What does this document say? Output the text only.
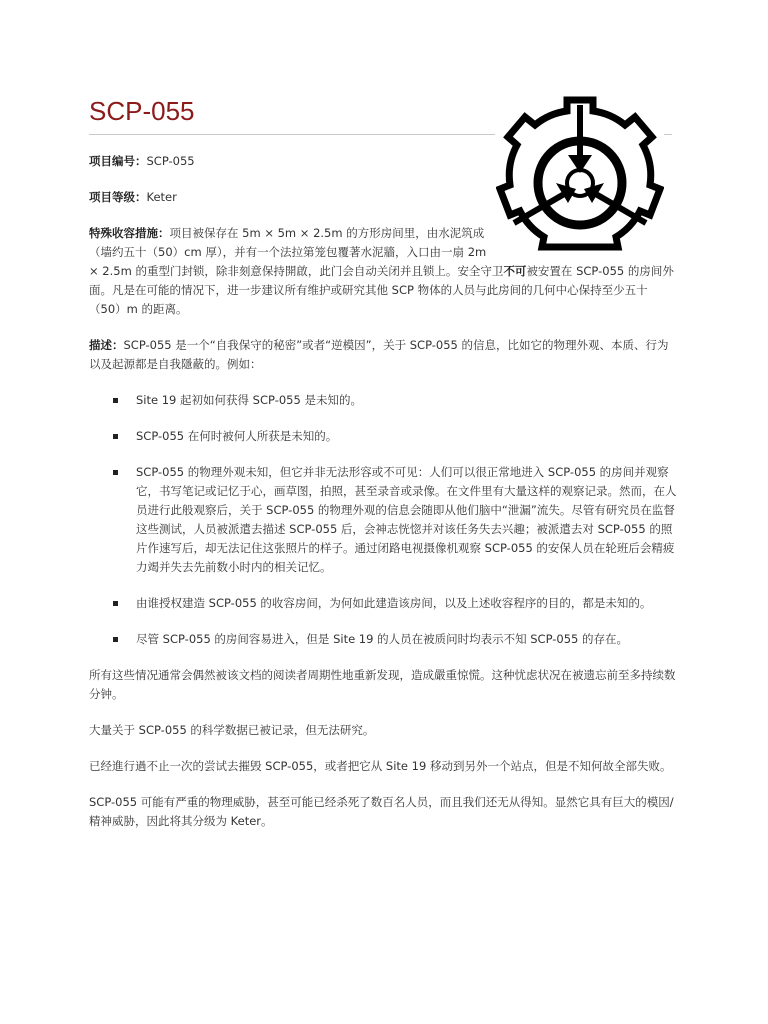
SCP-055

项目编号：SCP-055

项目等级：Keter

特殊收容措施：项目被保存在 5m × 5m × 2.5m 的方形房间里，由水泥筑成（墙约五十（50）cm 厚），并有一个法拉第笼包覆著水泥牆，入口由一扇 2m × 2.5m 的重型门封锁，除非刻意保持開啟，此门会自动关闭并且锁上。安全守卫不可被安置在 SCP-055 的房间外面。凡是在可能的情况下，进一步建议所有维护或研究其他 SCP 物体的人员与此房间的几何中心保持至少五十（50）m 的距离。

描述：SCP-055 是一个“自我保守的秘密”或者“逆模因”，关于 SCP-055 的信息，比如它的物理外观、本质、行为以及起源都是自我隱蔽的。例如：

Site 19 起初如何获得 SCP-055 是未知的。
SCP-055 在何时被何人所获是未知的。
SCP-055 的物理外观未知，但它并非无法形容或不可见：人们可以很正常地进入 SCP-055 的房间并观察它，书写笔记或记忆于心，画草图，拍照，甚至录音或录像。在文件里有大量这样的观察记录。然而，在人员进行此般观察后，关于 SCP-055 的物理外观的信息会随即从他们脑中“泄漏”流失。尽管有研究员在监督这些测试，人员被派遣去描述 SCP-055 后，会神志恍惚并对该任务失去兴趣；被派遣去对 SCP-055 的照片作速写后，却无法记住这张照片的样子。通过闭路电视摄像机观察 SCP-055 的安保人员在轮班后会精疲力竭并失去先前数小时内的相关记忆。
由谁授权建造 SCP-055 的收容房间，为何如此建造该房间，以及上述收容程序的目的，都是未知的。
尽管 SCP-055 的房间容易进入，但是 Site 19 的人员在被质问时均表示不知 SCP-055 的存在。

所有这些情况通常会偶然被该文档的阅读者周期性地重新发现，造成嚴重惊慌。这种忧虑状况在被遗忘前至多持续数分钟。

大量关于 SCP-055 的科学数据已被记录，但无法研究。

已经進行過不止一次的尝试去摧毁 SCP-055，或者把它从 Site 19 移动到另外一个站点，但是不知何故全部失败。

SCP-055 可能有严重的物理威胁，甚至可能已经杀死了数百名人员，而且我们还无从得知。显然它具有巨大的模因/精神威胁，因此将其分级为 Keter。
